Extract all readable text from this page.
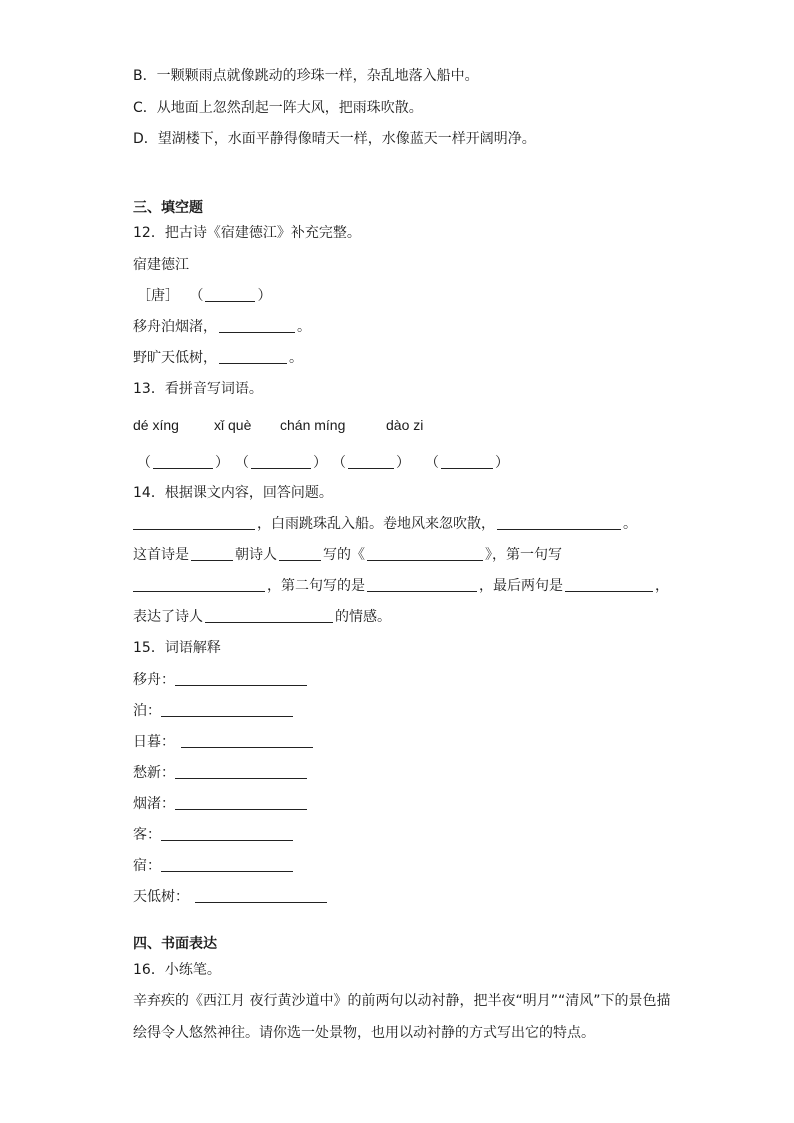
B．一颗颗雨点就像跳动的珍珠一样，杂乱地落入船中。
C．从地面上忽然刮起一阵大风，把雨珠吹散。
D．望湖楼下，水面平静得像晴天一样，水像蓝天一样开阔明净。
三、填空题
12．把古诗《宿建德江》补充完整。
宿建德江
［唐］ （	）
移舟泊烟渚，	。
野旷天低树，	。
13．看拼音写词语。
dé xíng	xǐ què chán míng	dào zi
（	） （	） （	） （	）
14．根据课文内容，回答问题。
，白雨跳珠乱入船。卷地风来忽吹散，	。
这首诗是	朝诗人	写的《	》，第一句写
，第二句写的是	，最后两句是	，
表达了诗人	的情感。
15．词语解释
移舟：
泊：
日暮：
愁新：
烟渚：
客：
宿：
天低树：
四、书面表达
16．小练笔。
辛弃疾的《西江月 夜行黄沙道中》的前两句以动衬静，把半夜“明月”“清风”下的景色描
绘得令人悠然神往。请你选一处景物，也用以动衬静的方式写出它的特点。
